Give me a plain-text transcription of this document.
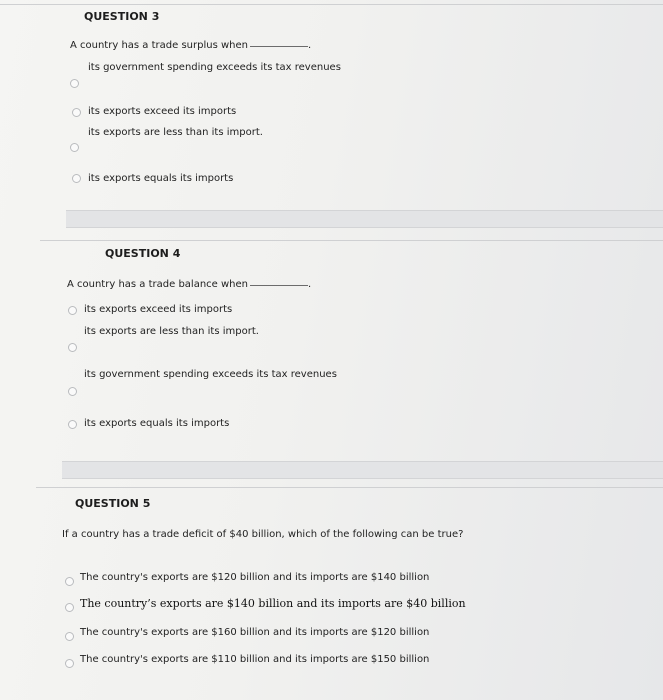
QUESTION 3
A country has a trade surplus when	.
its government spending exceeds its tax revenues
its exports exceed its imports
its exports are less than its import.
its exports equals its imports
QUESTION 4
A country has a trade balance when	.
its exports exceed its imports
its exports are less than its import.
its government spending exceeds its tax revenues
its exports equals its imports
QUESTION 5
If a country has a trade deficit of $40 billion, which of the following can be true?
The country's exports are $120 billion and its imports are $140 billion
The country’s exports are $140 billion and its imports are $40 billion
The country's exports are $160 billion and its imports are $120 billion
The country's exports are $110 billion and its imports are $150 billion
